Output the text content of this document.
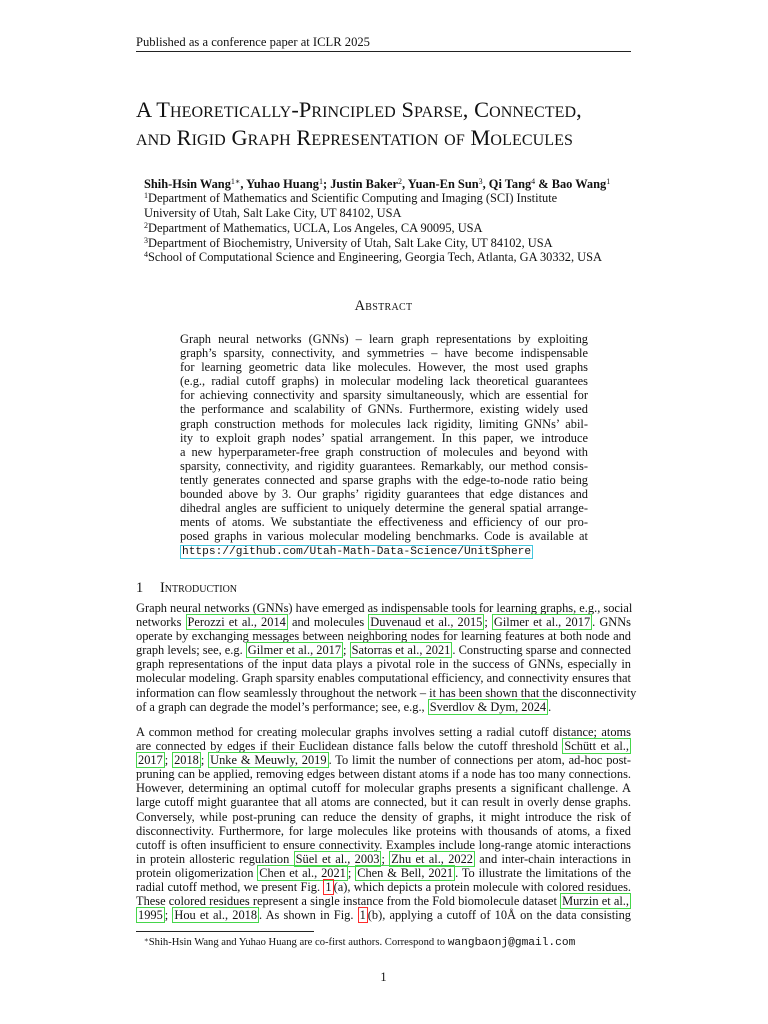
Published as a conference paper at ICLR 2025
A Theoretically-Principled Sparse, Connected,
and Rigid Graph Representation of Molecules
Shih-Hsin Wang$^{1∗}$, Yuhao Huang$^1$; Justin Baker$^2$, Yuan-En Sun$^3$, Qi Tang$^4$ & Bao Wang$^1$
$^1$Department of Mathematics and Scientific Computing and Imaging (SCI) Institute
University of Utah, Salt Lake City, UT 84102, USA
$^2$Department of Mathematics, UCLA, Los Angeles, CA 90095, USA
$^3$Department of Biochemistry, University of Utah, Salt Lake City, UT 84102, USA
$^4$School of Computational Science and Engineering, Georgia Tech, Atlanta, GA 30332, USA
Abstract
Graph neural networks (GNNs) – learn graph representations by exploiting
graph’s sparsity, connectivity, and symmetries – have become indispensable
for learning geometric data like molecules. However, the most used graphs
(e.g., radial cutoff graphs) in molecular modeling lack theoretical guarantees
for achieving connectivity and sparsity simultaneously, which are essential for
the performance and scalability of GNNs. Furthermore, existing widely used
graph construction methods for molecules lack rigidity, limiting GNNs’ abil-
ity to exploit graph nodes’ spatial arrangement. In this paper, we introduce
a new hyperparameter-free graph construction of molecules and beyond with
sparsity, connectivity, and rigidity guarantees. Remarkably, our method consis-
tently generates connected and sparse graphs with the edge-to-node ratio being
bounded above by 3. Our graphs’ rigidity guarantees that edge distances and
dihedral angles are sufficient to uniquely determine the general spatial arrange-
ments of atoms. We substantiate the effectiveness and efficiency of our pro-
posed graphs in various molecular modeling benchmarks. Code is available at
https://github.com/Utah-Math-Data-Science/UnitSphere
1 Introduction
Graph neural networks (GNNs) have emerged as indispensable tools for learning graphs, e.g., social
networks Perozzi et al., 2014 and molecules Duvenaud et al., 2015 ; Gilmer et al., 2017 . GNNs
operate by exchanging messages between neighboring nodes for learning features at both node and
graph levels; see, e.g. Gilmer et al., 2017 ; Satorras et al., 2021 . Constructing sparse and connected
graph representations of the input data plays a pivotal role in the success of GNNs, especially in
molecular modeling. Graph sparsity enables computational efficiency, and connectivity ensures that
information can flow seamlessly throughout the network – it has been shown that the disconnectivity
of a graph can degrade the model’s performance; see, e.g., Sverdlov & Dym, 2024 .
A common method for creating molecular graphs involves setting a radial cutoff distance; atoms
are connected by edges if their Euclidean distance falls below the cutoff threshold Schütt et al.,
2017 ; 2018 ; Unke & Meuwly, 2019 . To limit the number of connections per atom, ad-hoc post-
pruning can be applied, removing edges between distant atoms if a node has too many connections.
However, determining an optimal cutoff for molecular graphs presents a significant challenge. A
large cutoff might guarantee that all atoms are connected, but it can result in overly dense graphs.
Conversely, while post-pruning can reduce the density of graphs, it might introduce the risk of
disconnectivity. Furthermore, for large molecules like proteins with thousands of atoms, a fixed
cutoff is often insufficient to ensure connectivity. Examples include long-range atomic interactions
in protein allosteric regulation Süel et al., 2003 ; Zhu et al., 2022 and inter-chain interactions in
protein oligomerization Chen et al., 2021 ; Chen & Bell, 2021 . To illustrate the limitations of the
radial cutoff method, we present Fig. 1 (a), which depicts a protein molecule with colored residues.
These colored residues represent a single instance from the Fold biomolecule dataset Murzin et al.,
1995 ; Hou et al., 2018 . As shown in Fig. 1 (b), applying a cutoff of 10Å on the data consisting
∗Shih-Hsin Wang and Yuhao Huang are co-first authors. Correspond to wangbaonj@gmail.com
1
